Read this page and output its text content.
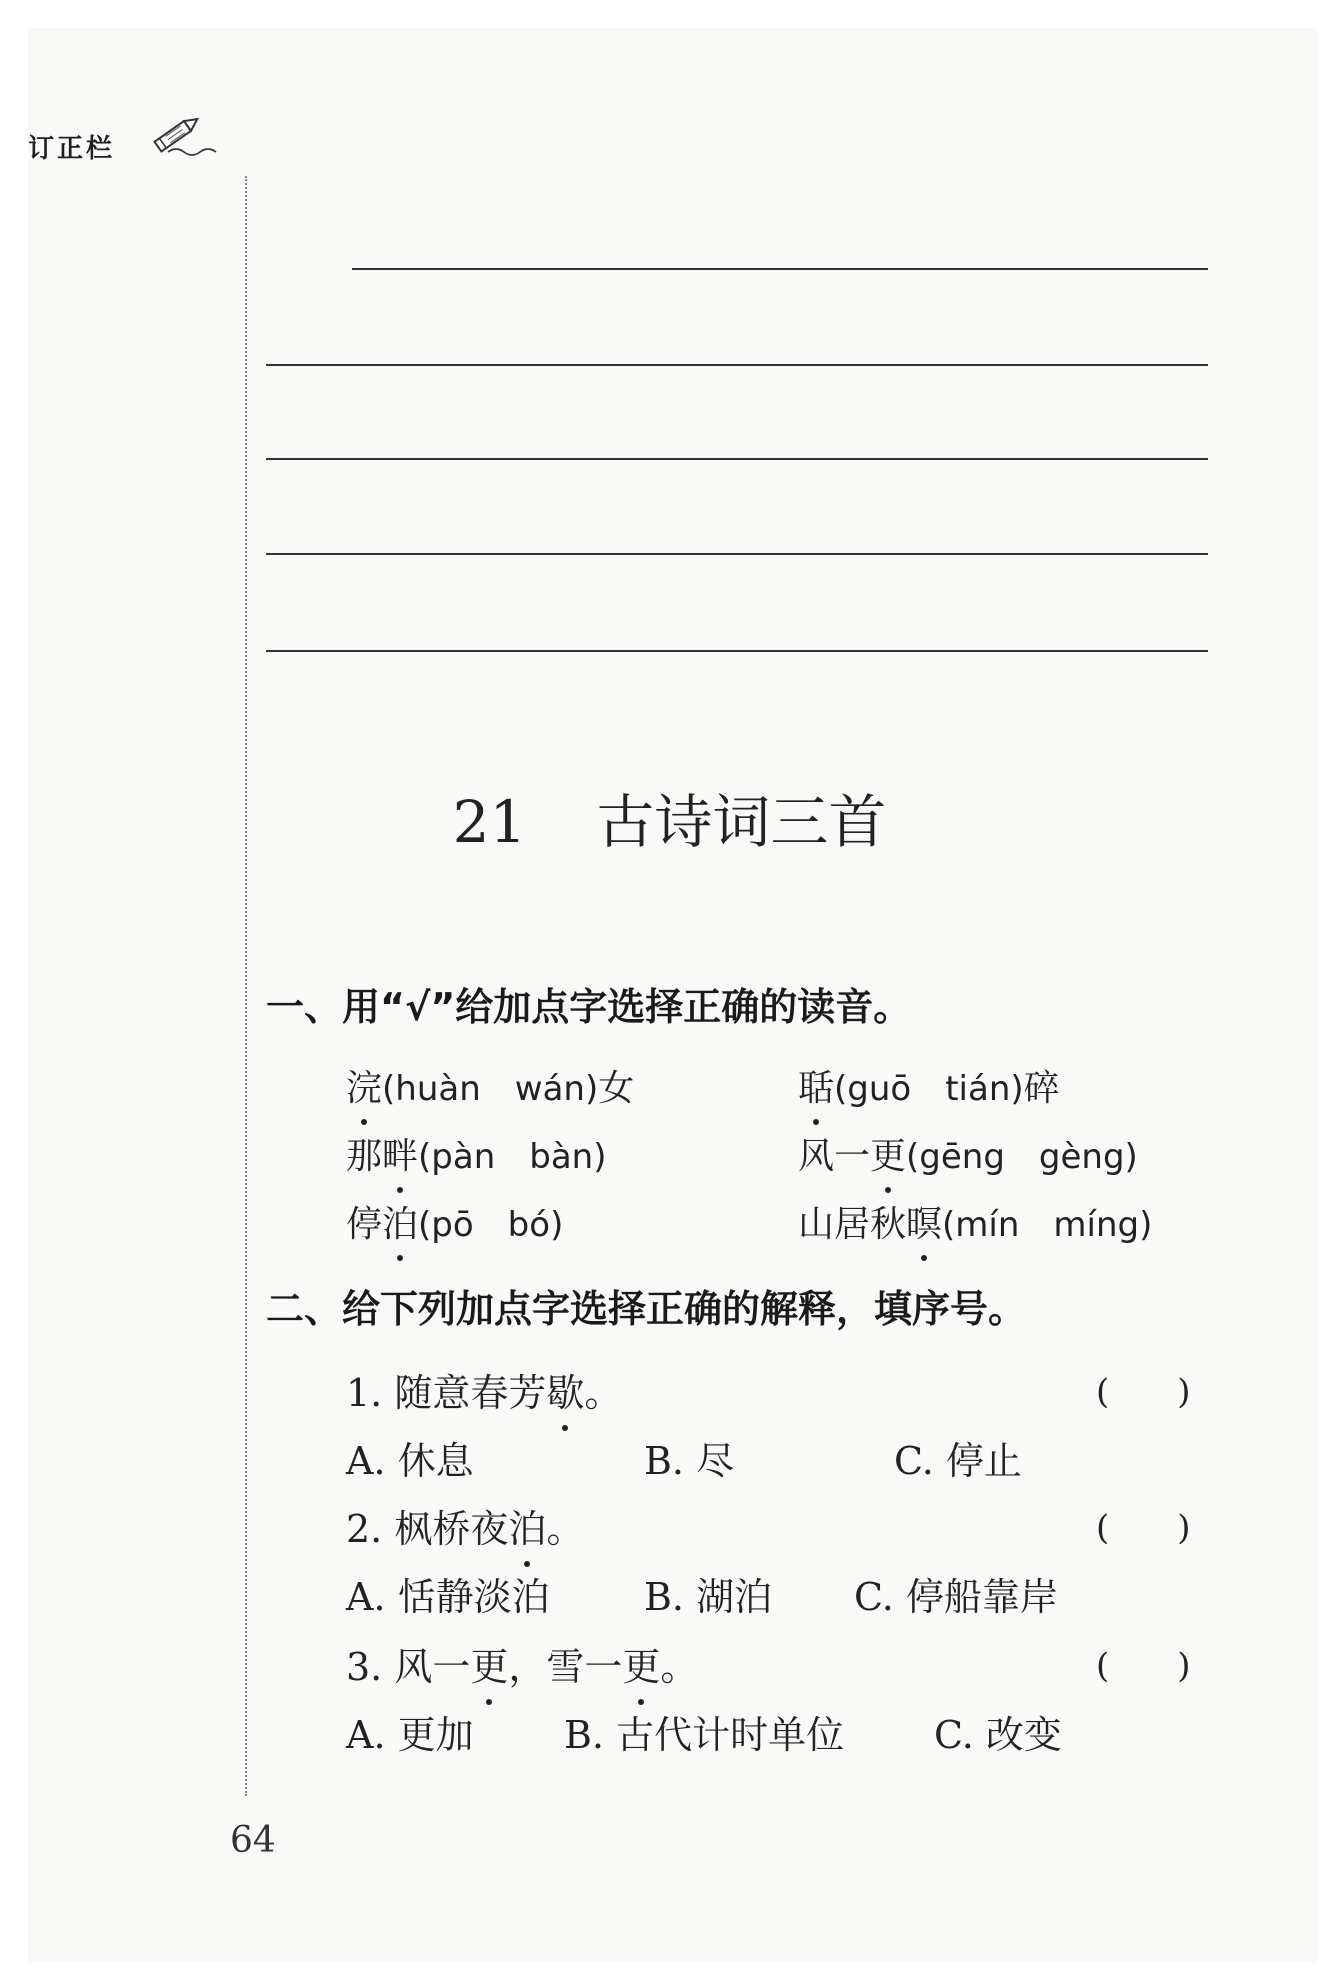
订正栏
21 古诗词三首
一、用“√”给加点字选择正确的读音。
浣(huàn　wán)女	聒(guō　tián)碎
那畔(pàn　bàn)	风一更(gēng　gèng)
停泊(pō　bó)	山居秋暝(mín　míng)
二、给下列加点字选择正确的解释，填序号。
1. 随意春芳歇。	(　　)
A. 休息	B. 尽	C. 停止
2. 枫桥夜泊。	(　　)
A. 恬静淡泊 B. 湖泊 C. 停船靠岸
3. 风一更，雪一更。	(　　)
A. 更加 B. 古代计时单位 C. 改变
64
